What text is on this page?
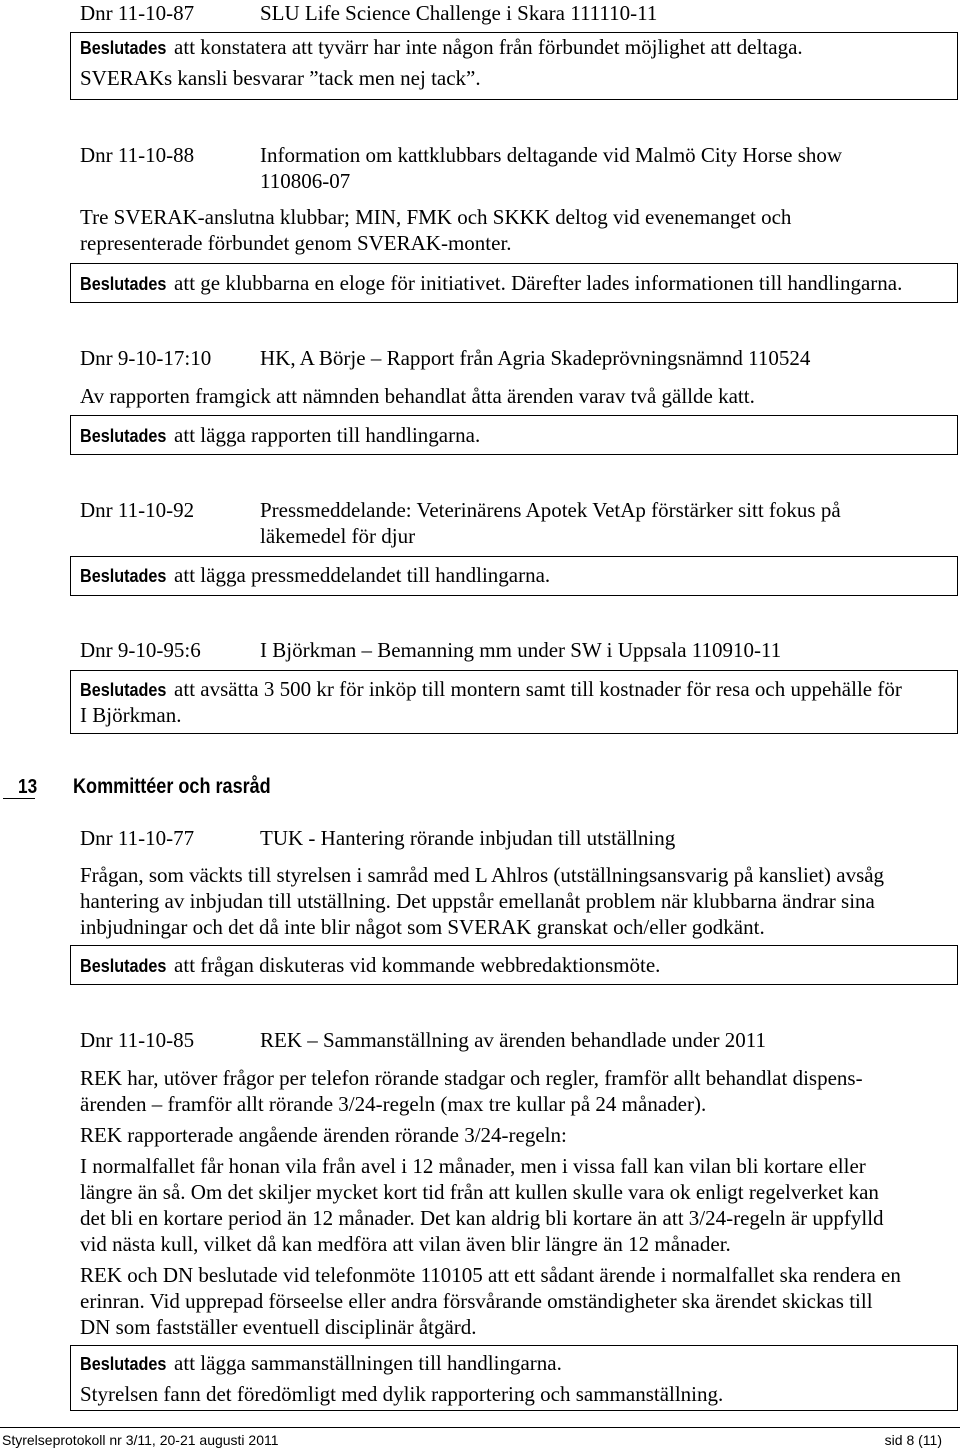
Dnr 11-10-87	SLU Life Science Challenge i Skara 111110-11
Beslutades att konstatera att tyvärr har inte någon från förbundet möjlighet att deltaga.
SVERAKs kansli besvarar ”tack men nej tack”.
Dnr 11-10-88	Information om kattklubbars deltagande vid Malmö City Horse show
110806-07
Tre SVERAK-anslutna klubbar; MIN, FMK och SKKK deltog vid evenemanget och
representerade förbundet genom SVERAK-monter.
Beslutades att ge klubbarna en eloge för initiativet. Därefter lades informationen till handlingarna.
Dnr 9-10-17:10 HK, A Börje – Rapport från Agria Skadeprövningsnämnd 110524
Av rapporten framgick att nämnden behandlat åtta ärenden varav två gällde katt.
Beslutades att lägga rapporten till handlingarna.
Dnr 11-10-92	Pressmeddelande: Veterinärens Apotek VetAp förstärker sitt fokus på
läkemedel för djur
Beslutades att lägga pressmeddelandet till handlingarna.
Dnr 9-10-95:6	I Björkman – Bemanning mm under SW i Uppsala 110910-11
Beslutades att avsätta 3 500 kr för inköp till montern samt till kostnader för resa och uppehälle för
I Björkman.
13 Kommittéer och rasråd
Dnr 11-10-77	TUK - Hantering rörande inbjudan till utställning
Frågan, som väckts till styrelsen i samråd med L Ahlros (utställningsansvarig på kansliet) avsåg
hantering av inbjudan till utställning. Det uppstår emellanåt problem när klubbarna ändrar sina
inbjudningar och det då inte blir något som SVERAK granskat och/eller godkänt.
Beslutades att frågan diskuteras vid kommande webbredaktionsmöte.
Dnr 11-10-85	REK – Sammanställning av ärenden behandlade under 2011
REK har, utöver frågor per telefon rörande stadgar och regler, framför allt behandlat dispens-
ärenden – framför allt rörande 3/24-regeln (max tre kullar på 24 månader).
REK rapporterade angående ärenden rörande 3/24-regeln:
I normalfallet får honan vila från avel i 12 månader, men i vissa fall kan vilan bli kortare eller
längre än så. Om det skiljer mycket kort tid från att kullen skulle vara ok enligt regelverket kan
det bli en kortare period än 12 månader. Det kan aldrig bli kortare än att 3/24-regeln är uppfylld
vid nästa kull, vilket då kan medföra att vilan även blir längre än 12 månader.
REK och DN beslutade vid telefonmöte 110105 att ett sådant ärende i normalfallet ska rendera en
erinran. Vid upprepad förseelse eller andra försvårande omständigheter ska ärendet skickas till
DN som fastställer eventuell disciplinär åtgärd.
Beslutades att lägga sammanställningen till handlingarna.
Styrelsen fann det föredömligt med dylik rapportering och sammanställning.
Styrelseprotokoll nr 3/11, 20-21 augusti 2011	sid 8 (11)
